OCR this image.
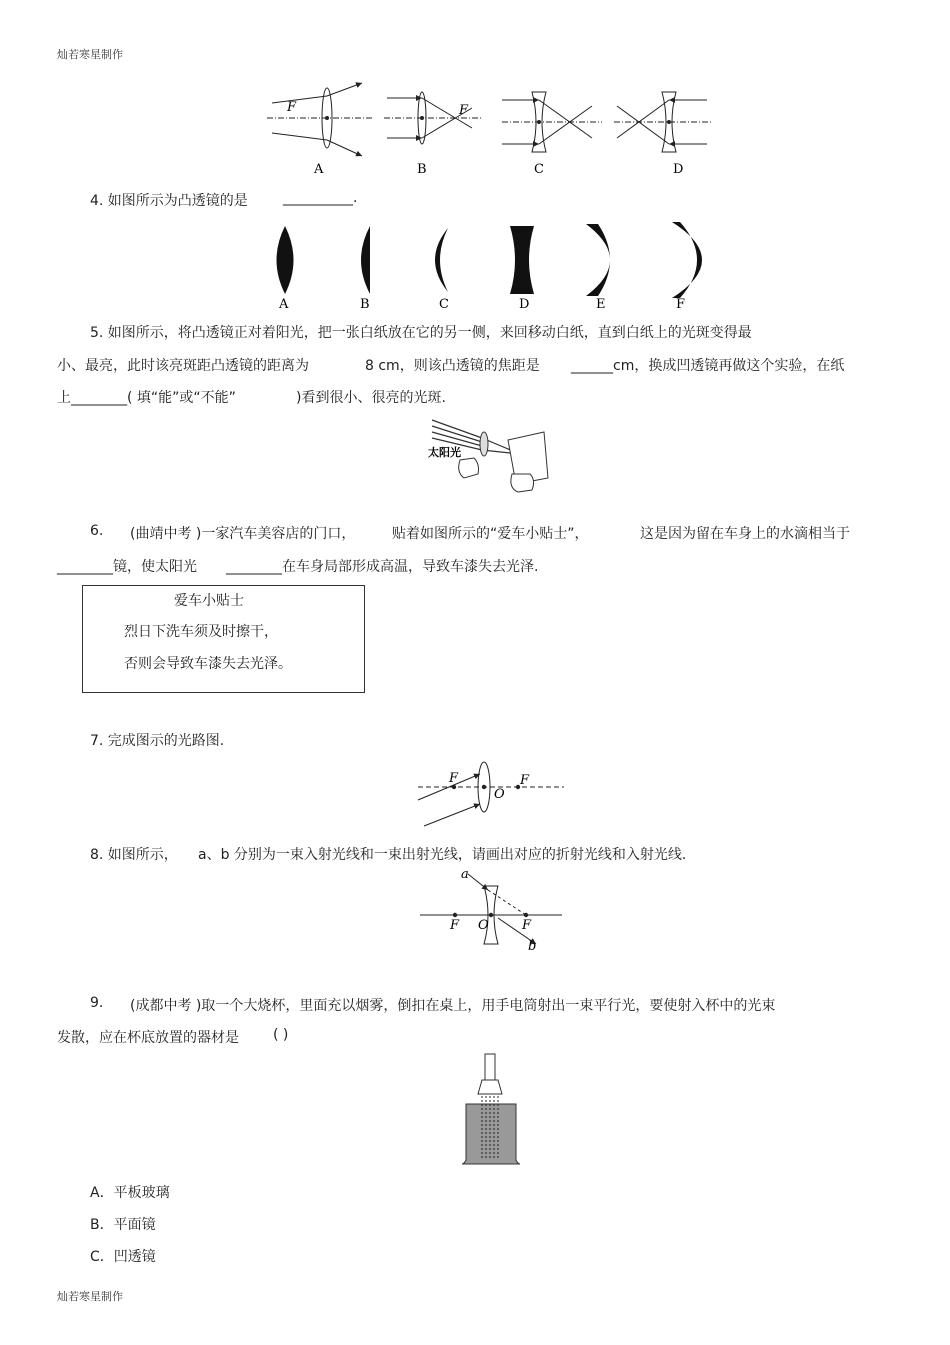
灿若寒星制作
F
A
F
B	C	D
4. 如图所示为凸透镜的是	__________.
A	B	C	D	E	F
5. 如图所示，将凸透镜正对着阳光，把一张白纸放在它的另一侧，来回移动白纸，直到白纸上的光斑变得最
小、最亮，此时该亮斑距凸透镜的距离为	8 cm，则该凸透镜的焦距是 ______cm，换成凹透镜再做这个实验，在纸
上________( 填“能”或“不能”	)看到很小、很亮的光斑.
太阳光
6. (曲靖中考 )一家汽车美容店的门口，	贴着如图所示的“爱车小贴士”，	这是因为留在车身上的水滴相当于
________镜，使太阳光 ________在车身局部形成高温，导致车漆失去光泽.
爱车小贴士
烈日下洗车须及时擦干，
否则会导致车漆失去光泽。
7. 完成图示的光路图.
F
O
F
8. 如图所示， a、b 分别为一束入射光线和一束出射光线，请画出对应的折射光线和入射光线.
a
b
F O	F
9. (成都中考 )取一个大烧杯，里面充以烟雾，倒扣在桌上，用手电筒射出一束平行光，要使射入杯中的光束
发散，应在杯底放置的器材是 ( )
A．平板玻璃
B．平面镜
C．凹透镜
灿若寒星制作
